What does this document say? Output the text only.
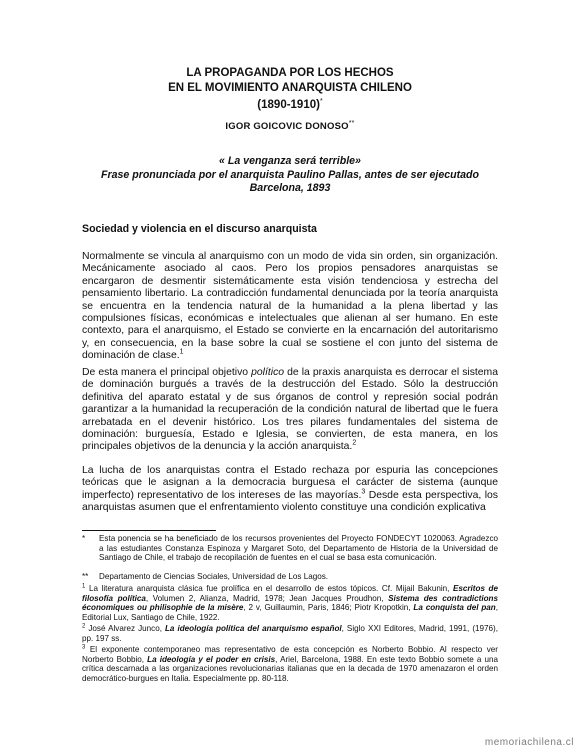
LA PROPAGANDA POR LOS HECHOS
EN EL MOVIMIENTO ANARQUISTA CHILENO
(1890-1910)*
IGOR GOICOVIC DONOSO**
« La venganza será terrible»
Frase pronunciada por el anarquista Paulino Pallas, antes de ser ejecutado
Barcelona, 1893
Sociedad y violencia en el discurso anarquista
Normalmente se vincula al anarquismo con un modo de vida sin orden, sin organización. Mecánicamente asociado al caos. Pero los propios pensadores anarquistas se encargaron de desmentir sistemáticamente esta visión tendenciosa y estrecha del pensamiento libertario. La contradicción fundamental denunciada por la teoría anarquista se encuentra en la tendencia natural de la humanidad a la plena libertad y las compulsiones físicas, económicas e intelectuales que alienan al ser humano. En este contexto, para el anarquismo, el Estado se convierte en la encarnación del autoritarismo y, en consecuencia, en la base sobre la cual se sostiene el con junto del sistema de dominación de clase.$^1$
De esta manera el principal objetivo político de la praxis anarquista es derrocar el sistema de dominación burgués a través de la destrucción del Estado. Sólo la destrucción definitiva del aparato estatal y de sus órganos de control y represión social podrán garantizar a la humanidad la recuperación de la condición natural de libertad que le fuera arrebatada en el devenir histórico. Los tres pilares fundamentales del sistema de dominación: burguesía, Estado e Iglesia, se convierten, de esta manera, en los principales objetivos de la denuncia y la acción anarquista.$^2$
La lucha de los anarquistas contra el Estado rechaza por espuria las concepciones teóricas que le asignan a la democracia burguesa el carácter de sistema (aunque imperfecto) representativo de los intereses de las mayorías.$^3$ Desde esta perspectiva, los anarquistas asumen que el enfrentamiento violento constituye una condición explicativa
*	Esta ponencia se ha beneficiado de los recursos provenientes del Proyecto FONDECYT 1020063. Agradezco a las estudiantes Constanza Espinoza y Margaret Soto, del Departamento de Historia de la Universidad de Santiago de Chile, el trabajo de recopilación de fuentes en el cual se basa esta comunicación.
**	Departamento de Ciencias Sociales, Universidad de Los Lagos.
$^1$ La literatura anarquista clásica fue prolífica en el desarrollo de estos tópicos. Cf. Mijail Bakunin, Escritos de filosofía política, Volumen 2, Alianza, Madrid, 1978; Jean Jacques Proudhon, Sistema des contradictions économiques ou philisophie de la misère, 2 v, Guillaumin, Paris, 1846; Piotr Kropotkin, La conquista del pan, Editorial Lux, Santiago de Chile, 1922.
$^2$ José Alvarez Junco, La ideología política del anarquismo español, Siglo XXI Editores, Madrid, 1991, (1976), pp. 197 ss.
$^3$ El exponente contemporaneo mas representativo de esta concepción es Norberto Bobbio. Al respecto ver Norberto Bobbio, La ideología y el poder en crisis, Ariel, Barcelona, 1988. En este texto Bobbio somete a una crítica descarnada a las organizaciones revolucionarias italianas que en la decada de 1970 amenazaron el orden democrático-burgues en Italia. Especialmente pp. 80-118.
memoriachilena.cl
